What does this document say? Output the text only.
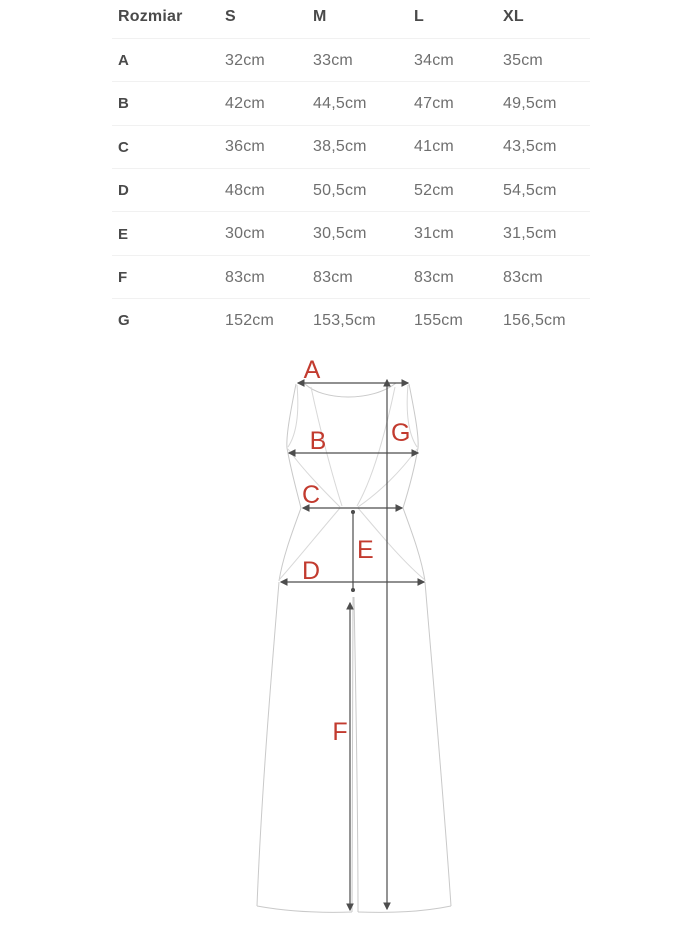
Rozmiar	S	M	L	XL
A	32cm	33cm	34cm	35cm
B	42cm	44,5cm	47cm	49,5cm
C	36cm	38,5cm	41cm	43,5cm
D	48cm	50,5cm	52cm	54,5cm
E	30cm	30,5cm	31cm	31,5cm
F	83cm	83cm	83cm	83cm
G	152cm	153,5cm	155cm	156,5cm
A
B
C
D
E
F
G
